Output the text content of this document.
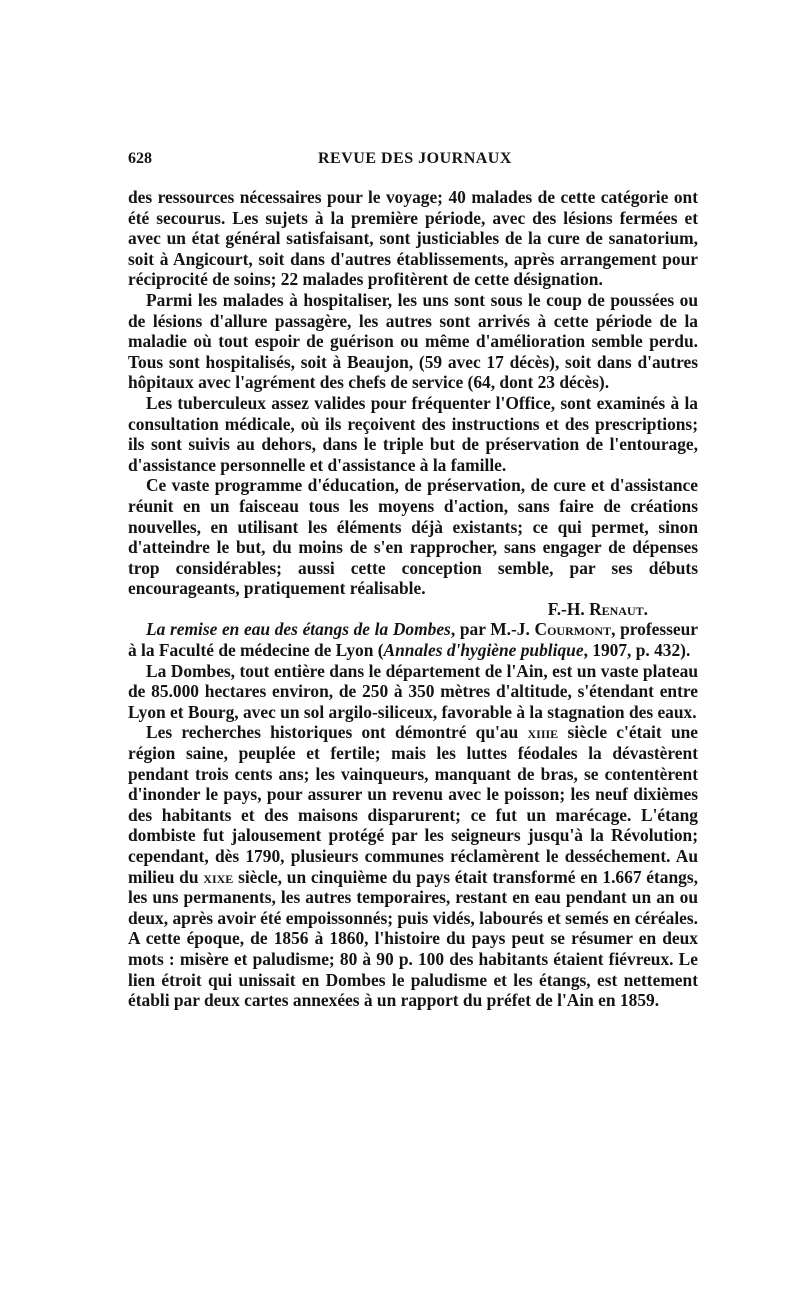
628	REVUE DES JOURNAUX

des ressources nécessaires pour le voyage; 40 malades de cette catégorie ont été secourus. Les sujets à la première période, avec des lésions fermées et avec un état général satisfaisant, sont justiciables de la cure de sanatorium, soit à Angicourt, soit dans d'autres établissements, après arrangement pour réciprocité de soins; 22 malades profitèrent de cette désignation.

Parmi les malades à hospitaliser, les uns sont sous le coup de poussées ou de lésions d'allure passagère, les autres sont arrivés à cette période de la maladie où tout espoir de guérison ou même d'amélioration semble perdu. Tous sont hospitalisés, soit à Beaujon, (59 avec 17 décès), soit dans d'autres hôpitaux avec l'agrément des chefs de service (64, dont 23 décès).

Les tuberculeux assez valides pour fréquenter l'Office, sont examinés à la consultation médicale, où ils reçoivent des instructions et des prescriptions; ils sont suivis au dehors, dans le triple but de préservation de l'entourage, d'assistance personnelle et d'assistance à la famille.

Ce vaste programme d'éducation, de préservation, de cure et d'assistance réunit en un faisceau tous les moyens d'action, sans faire de créations nouvelles, en utilisant les éléments déjà existants; ce qui permet, sinon d'atteindre le but, du moins de s'en rapprocher, sans engager de dépenses trop considérables; aussi cette conception semble, par ses débuts encourageants, pratiquement réalisable.

F.-H. Renaut.

La remise en eau des étangs de la Dombes, par M.-J. Courmont, professeur à la Faculté de médecine de Lyon (Annales d'hygiène publique, 1907, p. 432).

La Dombes, tout entière dans le département de l'Ain, est un vaste plateau de 85.000 hectares environ, de 250 à 350 mètres d'altitude, s'étendant entre Lyon et Bourg, avec un sol argilo-siliceux, favorable à la stagnation des eaux.

Les recherches historiques ont démontré qu'au xiiie siècle c'était une région saine, peuplée et fertile; mais les luttes féodales la dévastèrent pendant trois cents ans; les vainqueurs, manquant de bras, se contentèrent d'inonder le pays, pour assurer un revenu avec le poisson; les neuf dixièmes des habitants et des maisons disparurent; ce fut un marécage. L'étang dombiste fut jalousement protégé par les seigneurs jusqu'à la Révolution; cependant, dès 1790, plusieurs communes réclamèrent le desséchement. Au milieu du xixe siècle, un cinquième du pays était transformé en 1.667 étangs, les uns permanents, les autres temporaires, restant en eau pendant un an ou deux, après avoir été empoissonnés; puis vidés, labourés et semés en céréales. A cette époque, de 1856 à 1860, l'histoire du pays peut se résumer en deux mots : misère et paludisme; 80 à 90 p. 100 des habitants étaient fiévreux. Le lien étroit qui unissait en Dombes le paludisme et les étangs, est nettement établi par deux cartes annexées à un rapport du préfet de l'Ain en 1859.
